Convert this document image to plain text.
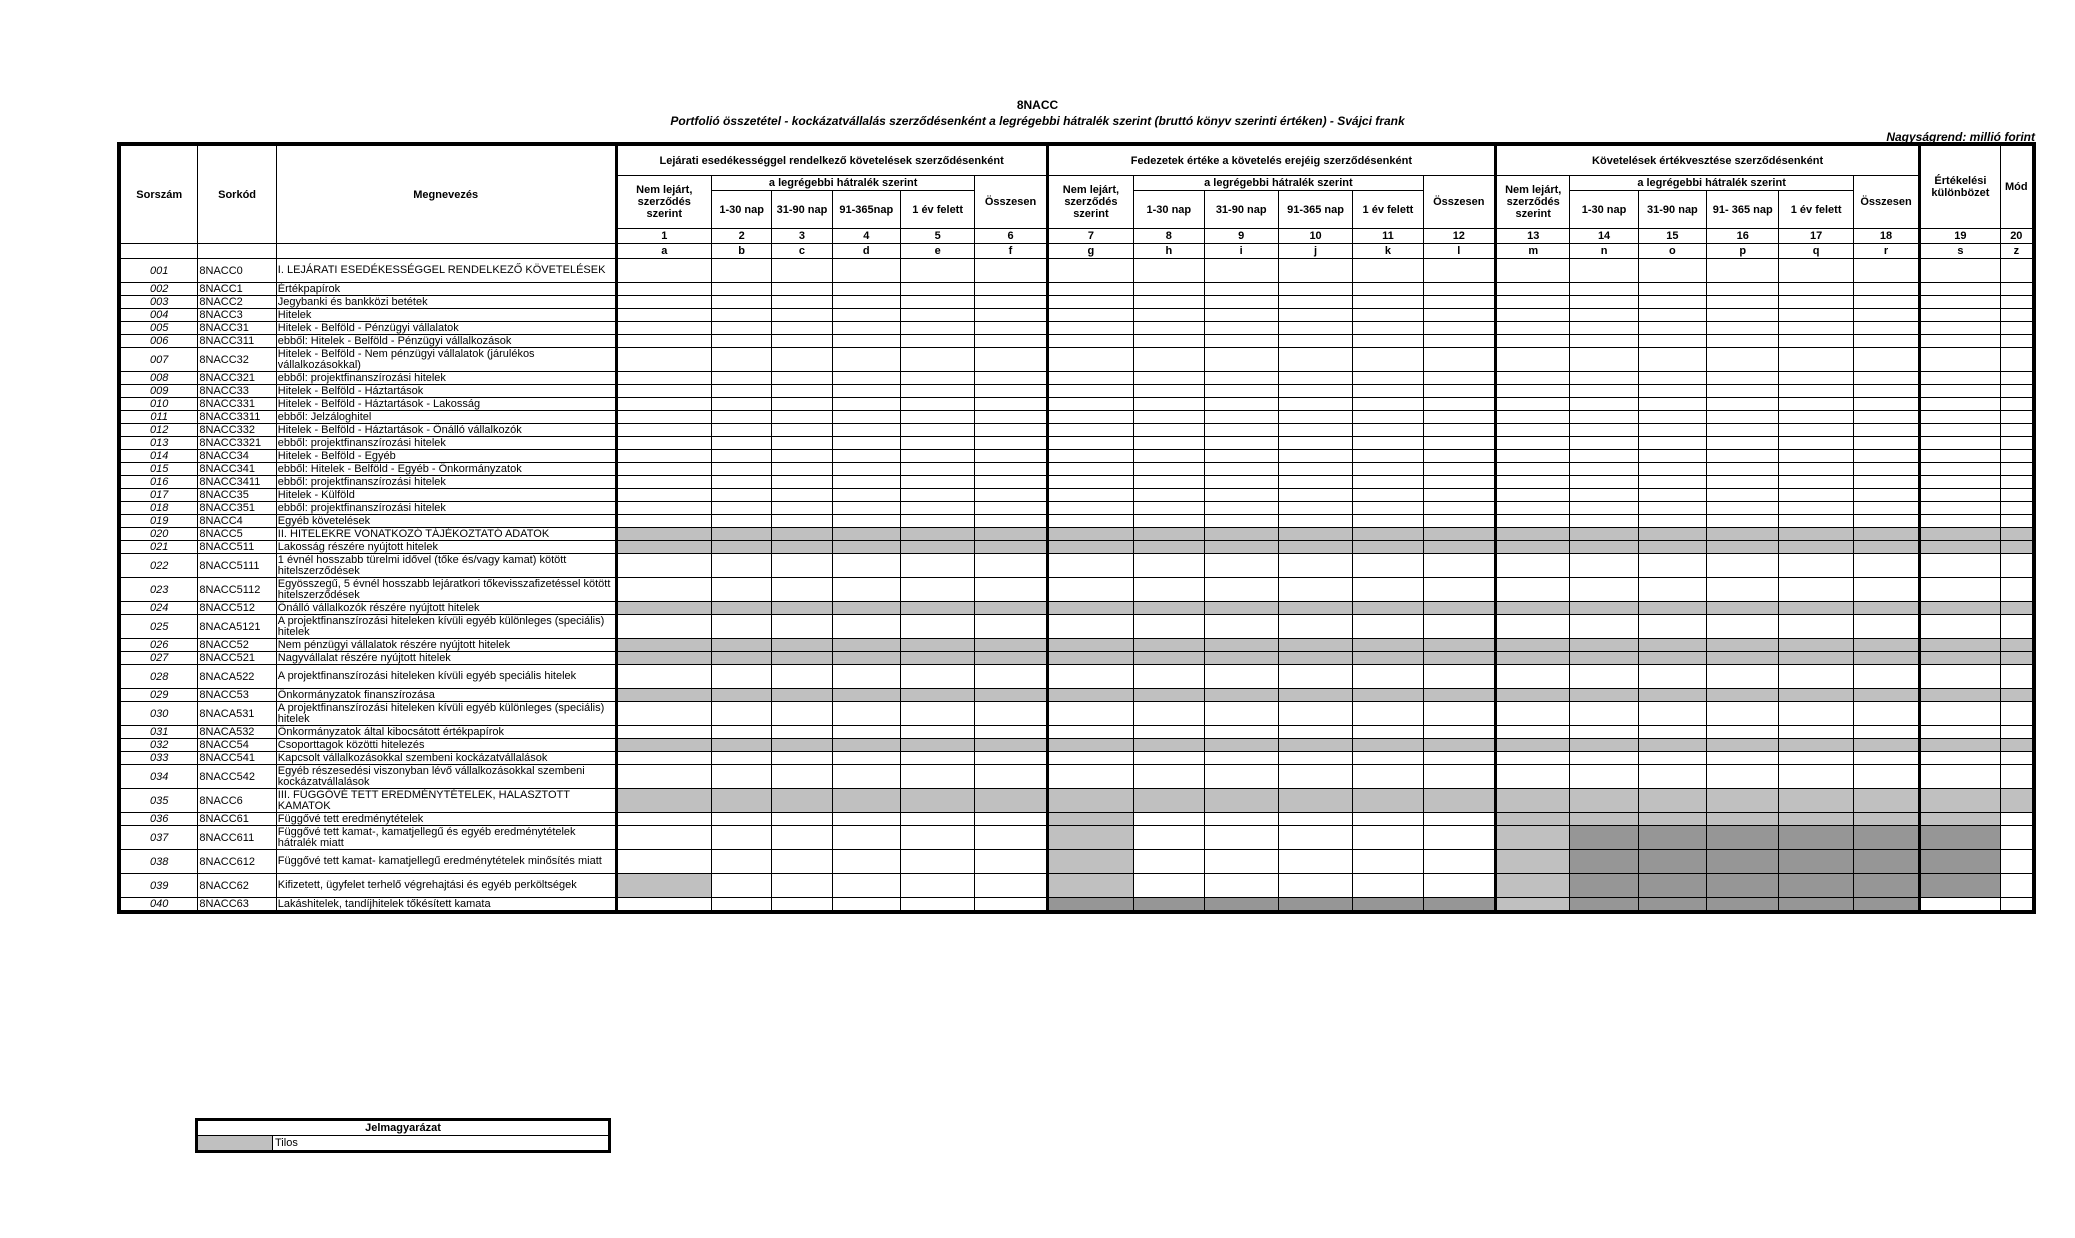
8NACC
Portfolió összetétel - kockázatvállalás szerződésenként a legrégebbi hátralék szerint (bruttó könyv szerinti értéken) - Svájci frank
Nagyságrend: millió forint
Sorszám	Sorkód	Megnevezés	Lejárati esedékességgel rendelkező követelések szerződésenként						Fedezetek értéke a követelés erejéig szerződésenként						Követelések értékvesztése szerződésenként						Értékelési különbözet	Mód
			Nem lejárt, szerződés szerint	a legrégebbi hátralék szerint				Összesen	Nem lejárt, szerződés szerint	a legrégebbi hátralék szerint				Összesen	Nem lejárt, szerződés szerint	a legrégebbi hátralék szerint				Összesen		
				1-30 nap	31-90 nap	91-365nap	1 év felett			1-30 nap	31-90 nap	91-365 nap	1 év felett			1-30 nap	31-90 nap	91- 365 nap	1 év felett			
			1	2	3	4	5	6	7	8	9	10	11	12	13	14	15	16	17	18	19	20
			a	b	c	d	e	f	g	h	i	j	k	l	m	n	o	p	q	r	s	z
001	8NACC0	I. LEJÁRATI ESEDÉKESSÉGGEL RENDELKEZŐ KÖVETELÉSEK																				
002	8NACC1	Értékpapírok																				
003	8NACC2	Jegybanki és bankközi betétek																				
004	8NACC3	Hitelek																				
005	8NACC31	Hitelek - Belföld - Pénzügyi vállalatok																				
006	8NACC311	ebből: Hitelek - Belföld - Pénzügyi vállalkozások																				
007	8NACC32	Hitelek - Belföld - Nem pénzügyi vállalatok (járulékos vállalkozásokkal)																				
008	8NACC321	ebből: projektfinanszírozási hitelek																				
009	8NACC33	Hitelek - Belföld - Háztartások																				
010	8NACC331	Hitelek - Belföld - Háztartások - Lakosság																				
011	8NACC3311	ebből: Jelzáloghitel																				
012	8NACC332	Hitelek - Belföld - Háztartások - Önálló vállalkozók																				
013	8NACC3321	ebből: projektfinanszírozási hitelek																				
014	8NACC34	Hitelek - Belföld - Egyéb																				
015	8NACC341	ebből: Hitelek - Belföld - Egyéb - Önkormányzatok																				
016	8NACC3411	ebből: projektfinanszírozási hitelek																				
017	8NACC35	Hitelek - Külföld																				
018	8NACC351	ebből: projektfinanszírozási hitelek																				
019	8NACC4	Egyéb követelések																				
020	8NACC5	II. HITELEKRE VONATKOZÓ TÁJÉKOZTATÓ ADATOK																				
021	8NACC511	Lakosság részére nyújtott hitelek																				
022	8NACC5111	1 évnél hosszabb türelmi idővel (tőke és/vagy kamat) kötött hitelszerződések																				
023	8NACC5112	Egyösszegű, 5 évnél hosszabb lejáratkori tőkevisszafizetéssel kötött hitelszerződések																				
024	8NACC512	Önálló vállalkozók részére nyújtott hitelek																				
025	8NACA5121	A projektfinanszírozási hiteleken kívüli egyéb különleges (speciális) hitelek																				
026	8NACC52	Nem pénzügyi vállalatok részére nyújtott hitelek																				
027	8NACC521	Nagyvállalat részére nyújtott hitelek																				
028	8NACA522	A projektfinanszírozási hiteleken kívüli egyéb speciális hitelek																				
029	8NACC53	Önkormányzatok finanszírozása																				
030	8NACA531	A projektfinanszírozási hiteleken kívüli egyéb különleges (speciális) hitelek																				
031	8NACA532	Önkormányzatok által kibocsátott értékpapírok																				
032	8NACC54	Csoporttagok közötti hitelezés																				
033	8NACC541	Kapcsolt vállalkozásokkal szembeni kockázatvállalások																				
034	8NACC542	Egyéb részesedési viszonyban lévő vállalkozásokkal szembeni kockázatvállalások																				
035	8NACC6	III. FÜGGŐVÉ TETT EREDMÉNYTÉTELEK, HALASZTOTT KAMATOK																				
036	8NACC61	Függővé tett eredménytételek																				
037	8NACC611	Függővé tett kamat-, kamatjellegű és egyéb eredménytételek hátralék miatt																				
038	8NACC612	Függővé tett kamat- kamatjellegű eredménytételek minősítés miatt																				
039	8NACC62	Kifizetett, ügyfelet terhelő végrehajtási és egyéb perköltségek																				
040	8NACC63	Lakáshitelek, tandíjhitelek tőkésített kamata																				
Jelmagyarázat
	Tilos
